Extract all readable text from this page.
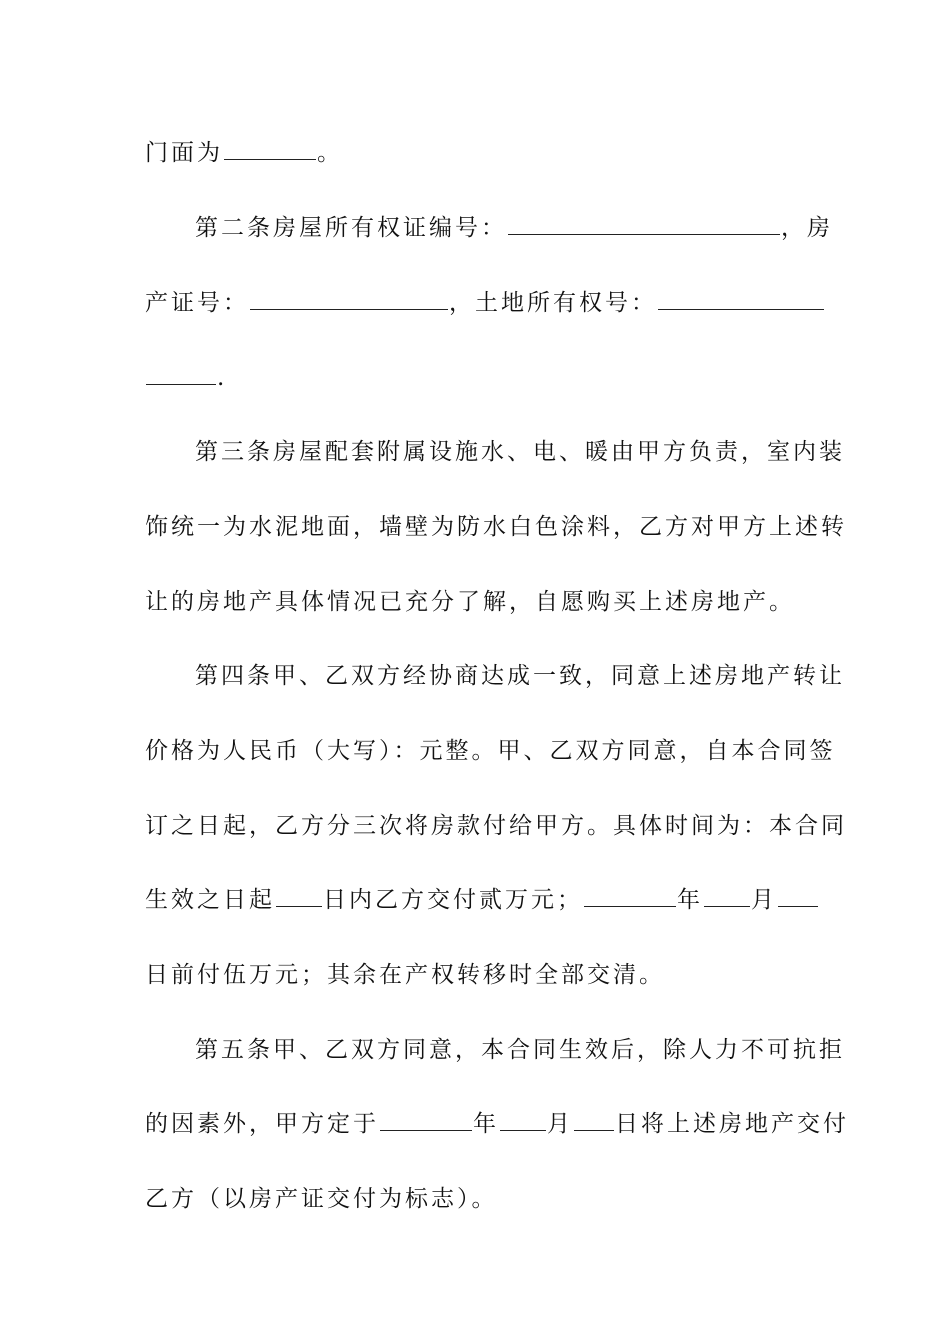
门面为	。
第二条房屋所有权证编号：	，房
产证号：	，土地所有权号：
.
第三条房屋配套附属设施水、电、暖由甲方负责，室内装
饰统一为水泥地面，墙壁为防水白色涂料，乙方对甲方上述转
让的房地产具体情况已充分了解，自愿购买上述房地产。
第四条甲、乙双方经协商达成一致，同意上述房地产转让
价格为人民币（大写）：元整。甲、乙双方同意，自本合同签
订之日起，乙方分三次将房款付给甲方。具体时间为：本合同
生效之日起 日内乙方交付贰万元；	年 月
日前付伍万元；其余在产权转移时全部交清。
第五条甲、乙双方同意，本合同生效后，除人力不可抗拒
的因素外，甲方定于	年 月 日将上述房地产交付
乙方（以房产证交付为标志）。
